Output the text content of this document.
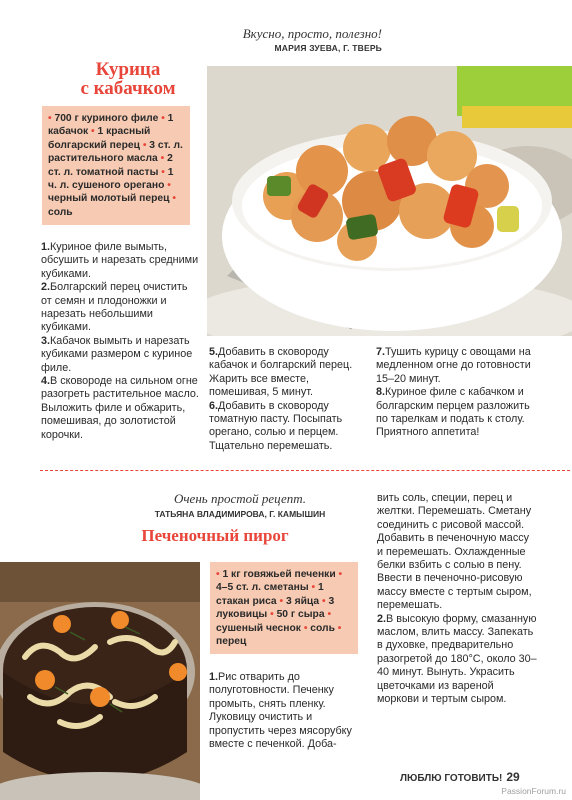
Вкусно, просто, полезно!
МАРИЯ ЗУЕВА, Г. ТВЕРЬ
Курица
с кабачком
• 700 г куриного филе • 1 кабачок • 1 красный болгарский перец • 3 ст. л. растительного масла • 2 ст. л. томатной пасты • 1 ч. л. сушеного орегано • черный молотый перец • соль

1.Куриное филе вымыть, обсушить и нарезать средними кубиками.

2.Болгарский перец очистить от семян и плодоножки и нарезать небольшими кубиками.

3.Кабачок вымыть и нарезать кубиками размером с куриное филе.

4.В сковороде на сильном огне разогреть растительное масло. Выложить филе и обжарить, помешивая, до золотистой корочки.

5.Добавить в сковороду кабачок и болгарский перец. Жарить все вместе, помешивая, 5 минут.

6.Добавить в сковороду томатную пасту. Посыпать орегано, солью и перцем. Тщательно перемешать.

7.Тушить курицу с овощами на медленном огне до готовности 15–20 минут.

8.Куриное филе с кабачком и болгарским перцем разложить по тарелкам и подать к столу. Приятного аппетита!

Очень простой рецепт.
ТАТЬЯНА ВЛАДИМИРОВА, Г. КАМЫШИН
Печеночный пирог
• 1 кг говяжьей печенки • 4–5 ст. л. сметаны • 1 стакан риса • 3 яйца • 3 луковицы • 50 г сыра • сушеный чеснок • соль • перец

1.Рис отварить до полуготовности. Печенку промыть, снять пленку. Луковицу очистить и пропустить через мясорубку вместе с печенкой. Доба-

вить соль, специи, перец и желтки. Перемешать. Сметану соединить с рисовой массой. Добавить в печеночную массу и перемешать. Охлажденные белки взбить с солью в пену. Ввести в печеночно-рисовую массу вместе с тертым сыром, перемешать.

2.В высокую форму, смазанную маслом, влить массу. Запекать в духовке, предварительно разогретой до 180°С, около 30–40 минут. Вынуть. Украсить цветочками из вареной моркови и тертым сыром.

ЛЮБЛЮ ГОТОВИТЬ! 29
PassionForum.ru
